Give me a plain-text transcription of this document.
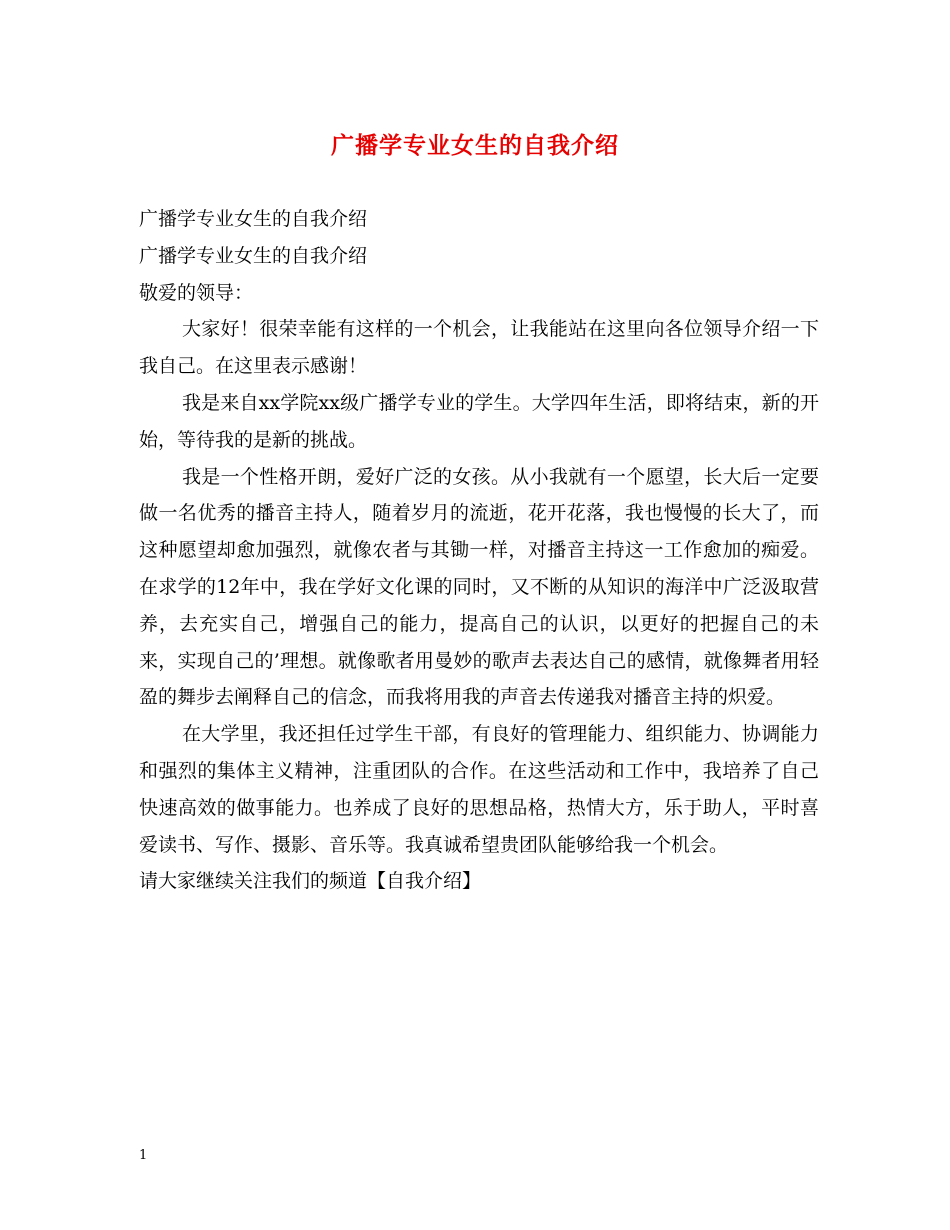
广播学专业女生的自我介绍
广播学专业女生的自我介绍
广播学专业女生的自我介绍
敬爱的领导：
大家好！很荣幸能有这样的一个机会，让我能站在这里向各位领导介绍一下我自己。在这里表示感谢！
我是来自xx学院xx级广播学专业的学生。大学四年生活，即将结束，新的开始，等待我的是新的挑战。
我是一个性格开朗，爱好广泛的女孩。从小我就有一个愿望，长大后一定要做一名优秀的播音主持人，随着岁月的流逝，花开花落，我也慢慢的长大了，而这种愿望却愈加强烈，就像农者与其锄一样，对播音主持这一工作愈加的痴爱。在求学的12年中，我在学好文化课的同时，又不断的从知识的海洋中广泛汲取营养，去充实自己，增强自己的能力，提高自己的认识，以更好的把握自己的未来，实现自己的’理想。就像歌者用曼妙的歌声去表达自己的感情，就像舞者用轻盈的舞步去阐释自己的信念，而我将用我的声音去传递我对播音主持的炽爱。
在大学里，我还担任过学生干部，有良好的管理能力、组织能力、协调能力和强烈的集体主义精神，注重团队的合作。在这些活动和工作中，我培养了自己快速高效的做事能力。也养成了良好的思想品格，热情大方，乐于助人，平时喜爱读书、写作、摄影、音乐等。我真诚希望贵团队能够给我一个机会。
请大家继续关注我们的频道【自我介绍】
1
